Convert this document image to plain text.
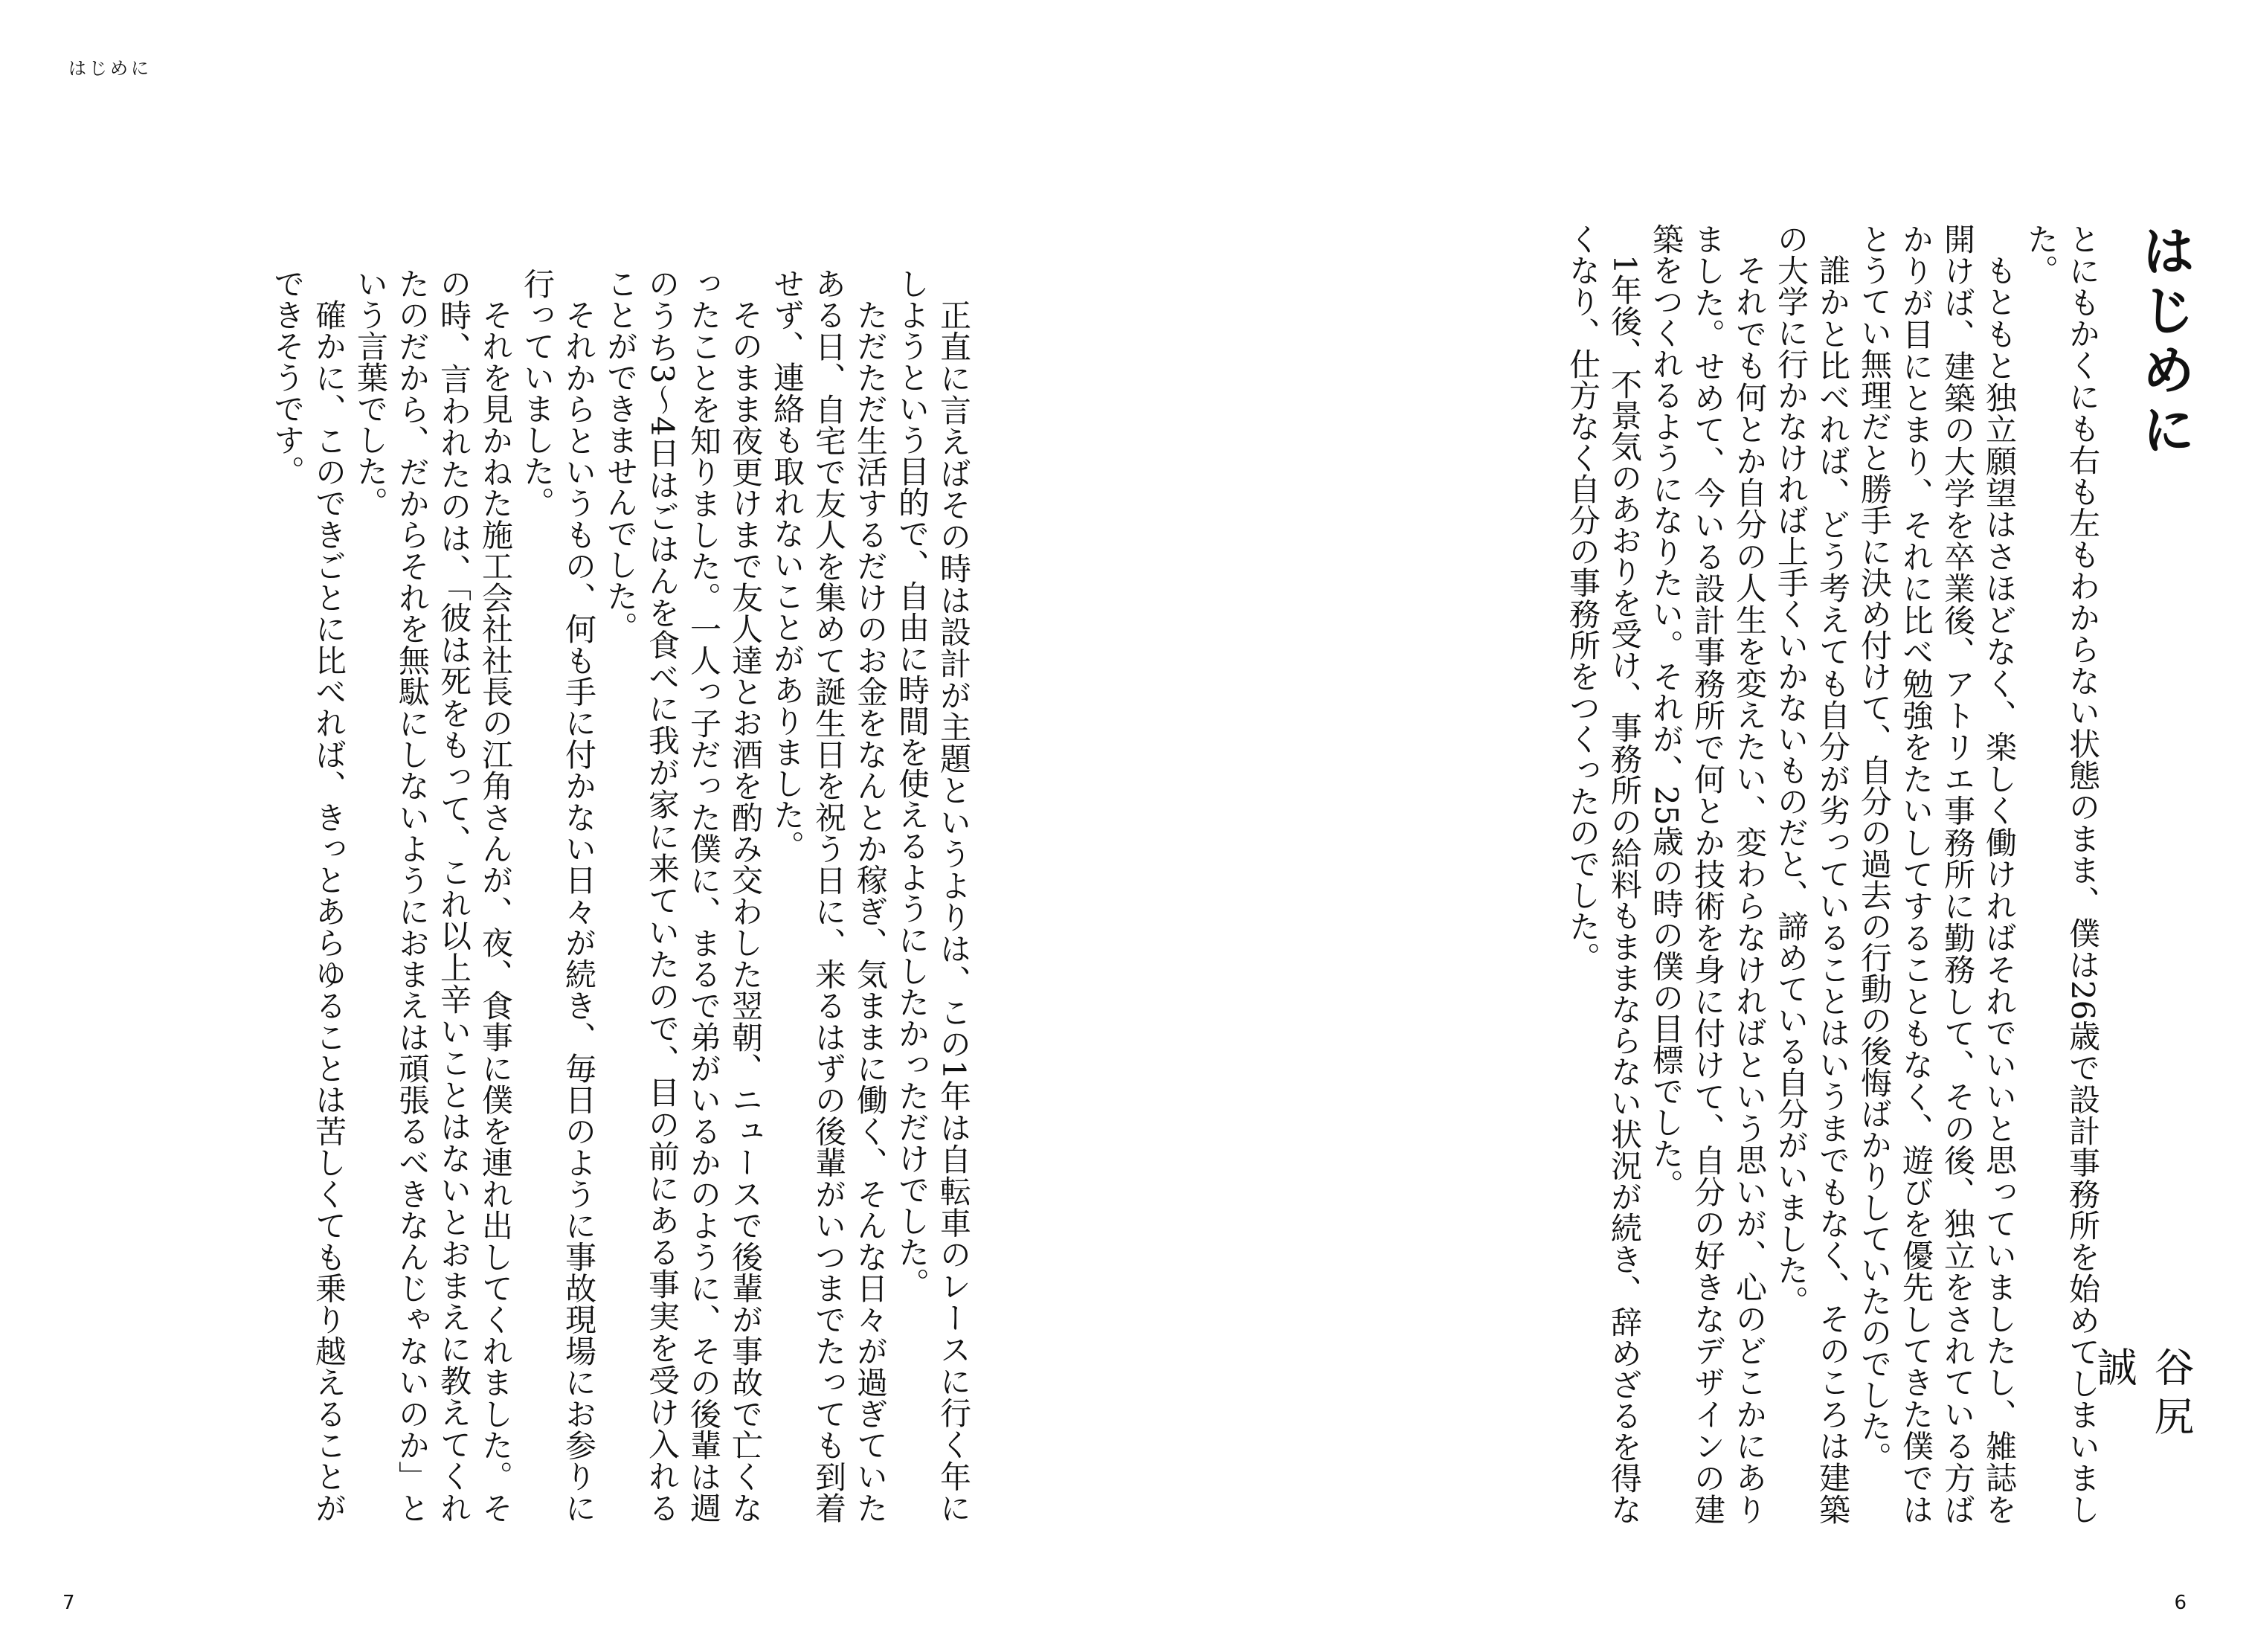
はじめに

正直に言えばその時は設計が主題というよりは、この1年は自転車のレースに行く年にしようという目的で、自由に時間を使えるようにしたかっただけでした。

ただただ生活するだけのお金をなんとか稼ぎ、気ままに働く、そんな日々が過ぎていたある日、自宅で友人を集めて誕生日を祝う日に、来るはずの後輩がいつまでたっても到着せず、連絡も取れないことがありました。

そのまま夜更けまで友人達とお酒を酌み交わした翌朝、ニュースで後輩が事故で亡くなったことを知りました。一人っ子だった僕に、まるで弟がいるかのように、その後輩は週のうち3〜4日はごはんを食べに我が家に来ていたので、目の前にある事実を受け入れることができませんでした。

それからというもの、何も手に付かない日々が続き、毎日のように事故現場にお参りに行っていました。

それを見かねた施工会社社長の江角さんが、夜、食事に僕を連れ出してくれました。その時、言われたのは、「彼は死をもって、これ以上辛いことはないとおまえに教えてくれたのだから、だからそれを無駄にしないようにおまえは頑張るべきなんじゃないのか」という言葉でした。

確かに、このできごとに比べれば、きっとあらゆることは苦しくても乗り越えることができそうです。

7
はじめに

とにもかくにも右も左もわからない状態のまま、僕は26歳で設計事務所を始めてしまいました。

もともと独立願望はさほどなく、楽しく働ければそれでいいと思っていましたし、雑誌を開けば、建築の大学を卒業後、アトリエ事務所に勤務して、その後、独立をされている方ばかりが目にとまり、それに比べ勉強をたいしてすることもなく、遊びを優先してきた僕ではとうてい無理だと勝手に決め付けて、自分の過去の行動の後悔ばかりしていたのでした。

誰かと比べれば、どう考えても自分が劣っていることはいうまでもなく、そのころは建築の大学に行かなければ上手くいかないものだと、諦めている自分がいました。

それでも何とか自分の人生を変えたい、変わらなければという思いが、心のどこかにありました。せめて、今いる設計事務所で何とか技術を身に付けて、自分の好きなデザインの建築をつくれるようになりたい。それが、25歳の時の僕の目標でした。

1年後、不景気のあおりを受け、事務所の給料もままならない状況が続き、辞めざるを得なくなり、仕方なく自分の事務所をつくったのでした。

谷尻 誠
6
